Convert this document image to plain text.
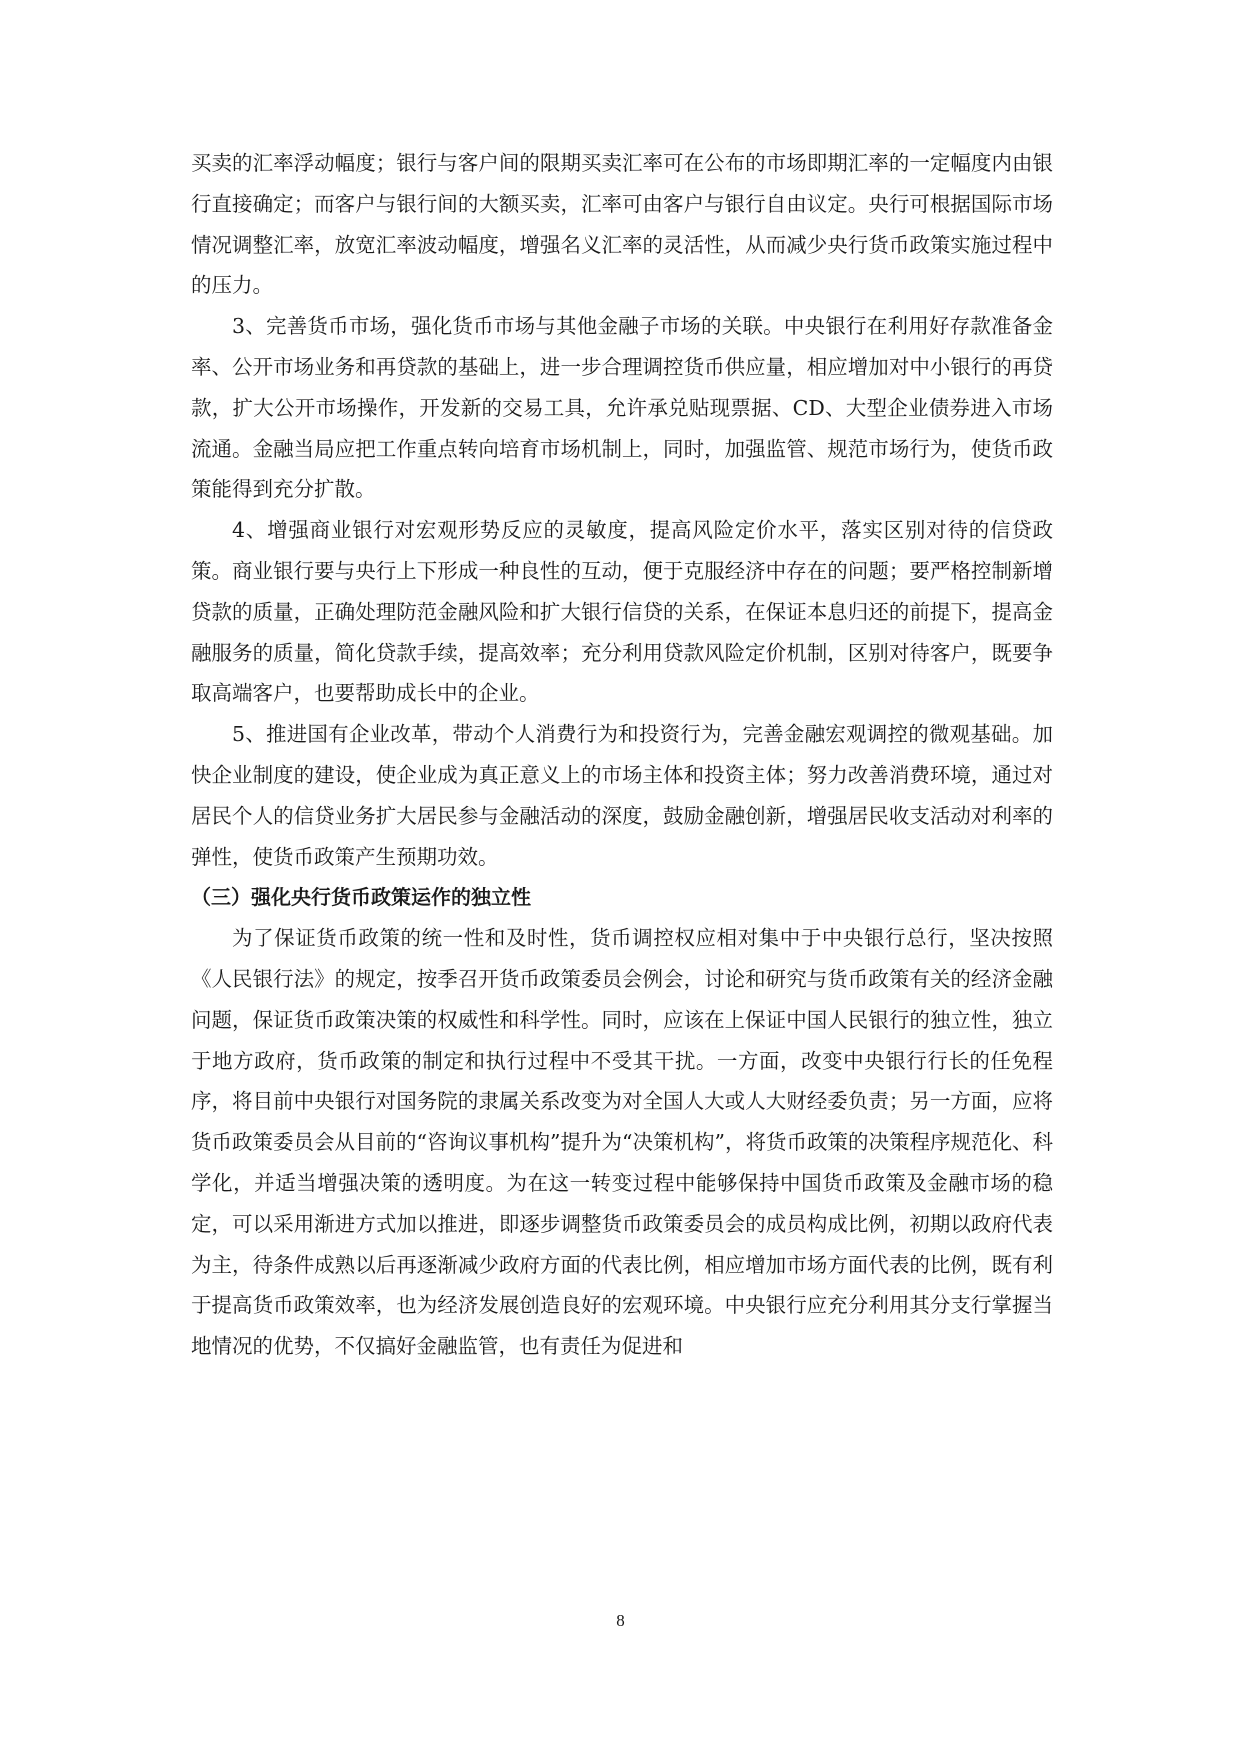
买卖的汇率浮动幅度；银行与客户间的限期买卖汇率可在公布的市场即期汇率的一定幅度内由银行直接确定；而客户与银行间的大额买卖，汇率可由客户与银行自由议定。央行可根据国际市场情况调整汇率，放宽汇率波动幅度，增强名义汇率的灵活性，从而减少央行货币政策实施过程中的压力。

3、完善货币市场，强化货币市场与其他金融子市场的关联。中央银行在利用好存款准备金率、公开市场业务和再贷款的基础上，进一步合理调控货币供应量，相应增加对中小银行的再贷款，扩大公开市场操作，开发新的交易工具，允许承兑贴现票据、CD、大型企业债券进入市场流通。金融当局应把工作重点转向培育市场机制上，同时，加强监管、规范市场行为，使货币政策能得到充分扩散。

4、增强商业银行对宏观形势反应的灵敏度，提高风险定价水平，落实区别对待的信贷政策。商业银行要与央行上下形成一种良性的互动，便于克服经济中存在的问题；要严格控制新增贷款的质量，正确处理防范金融风险和扩大银行信贷的关系，在保证本息归还的前提下，提高金融服务的质量，简化贷款手续，提高效率；充分利用贷款风险定价机制，区别对待客户，既要争取高端客户，也要帮助成长中的企业。

5、推进国有企业改革，带动个人消费行为和投资行为，完善金融宏观调控的微观基础。加快企业制度的建设，使企业成为真正意义上的市场主体和投资主体；努力改善消费环境，通过对居民个人的信贷业务扩大居民参与金融活动的深度，鼓励金融创新，增强居民收支活动对利率的弹性，使货币政策产生预期功效。

（三）强化央行货币政策运作的独立性

为了保证货币政策的统一性和及时性，货币调控权应相对集中于中央银行总行，坚决按照《人民银行法》的规定，按季召开货币政策委员会例会，讨论和研究与货币政策有关的经济金融问题，保证货币政策决策的权威性和科学性。同时，应该在上保证中国人民银行的独立性，独立于地方政府，货币政策的制定和执行过程中不受其干扰。一方面，改变中央银行行长的任免程序，将目前中央银行对国务院的隶属关系改变为对全国人大或人大财经委负责；另一方面，应将货币政策委员会从目前的“咨询议事机构”提升为“决策机构”，将货币政策的决策程序规范化、科学化，并适当增强决策的透明度。为在这一转变过程中能够保持中国货币政策及金融市场的稳定，可以采用渐进方式加以推进，即逐步调整货币政策委员会的成员构成比例，初期以政府代表为主，待条件成熟以后再逐渐减少政府方面的代表比例，相应增加市场方面代表的比例，既有利于提高货币政策效率，也为经济发展创造良好的宏观环境。中央银行应充分利用其分支行掌握当地情况的优势，不仅搞好金融监管，也有责任为促进和

8
